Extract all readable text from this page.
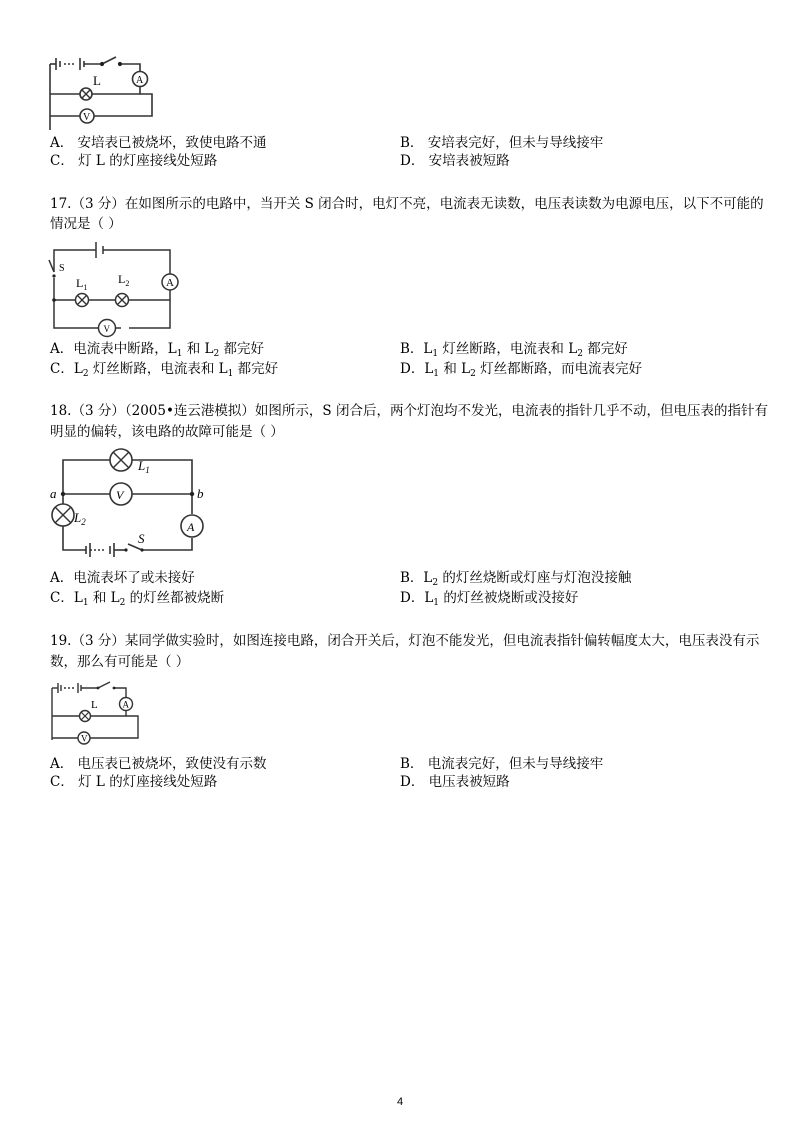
L	A
V
A． 安培表已被烧坏，致使电路不通	B． 安培表完好，但未与导线接牢
C． 灯 L 的灯座接线处短路	D． 安培表被短路
17.（3 分）在如图所示的电路中，当开关 S 闭合时，电灯不亮，电流表无读数，电压表读数为电源电压，以下不可能的
情况是（ ）
S
$L_1$
$L_2$	A
V
A．电流表中断路，$L_1$ 和 $L_2$ 都完好	B．$L_1$ 灯丝断路，电流表和 $L_2$ 都完好
C．$L_2$ 灯丝断路，电流表和 $L_1$ 都完好	D．$L_1$ 和 $L_2$ 灯丝都断路，而电流表完好
18.（3 分）（2005•连云港模拟）如图所示，S 闭合后，两个灯泡均不发光，电流表的指针几乎不动，但电压表的指针有
明显的偏转，该电路的故障可能是（ ）
$L_1$
$L_2$
a	b
V
A
S
A．电流表坏了或未接好	B．$L_2$ 的灯丝烧断或灯座与灯泡没接触
C．$L_1$ 和 $L_2$ 的灯丝都被烧断	D．$L_1$ 的灯丝被烧断或没接好
19.（3 分）某同学做实验时，如图连接电路，闭合开关后，灯泡不能发光，但电流表指针偏转幅度太大，电压表没有示
数，那么有可能是（ ）
L	A
V
A． 电压表已被烧坏，致使没有示数	B． 电流表完好，但未与导线接牢
C． 灯 L 的灯座接线处短路	D． 电压表被短路
4
